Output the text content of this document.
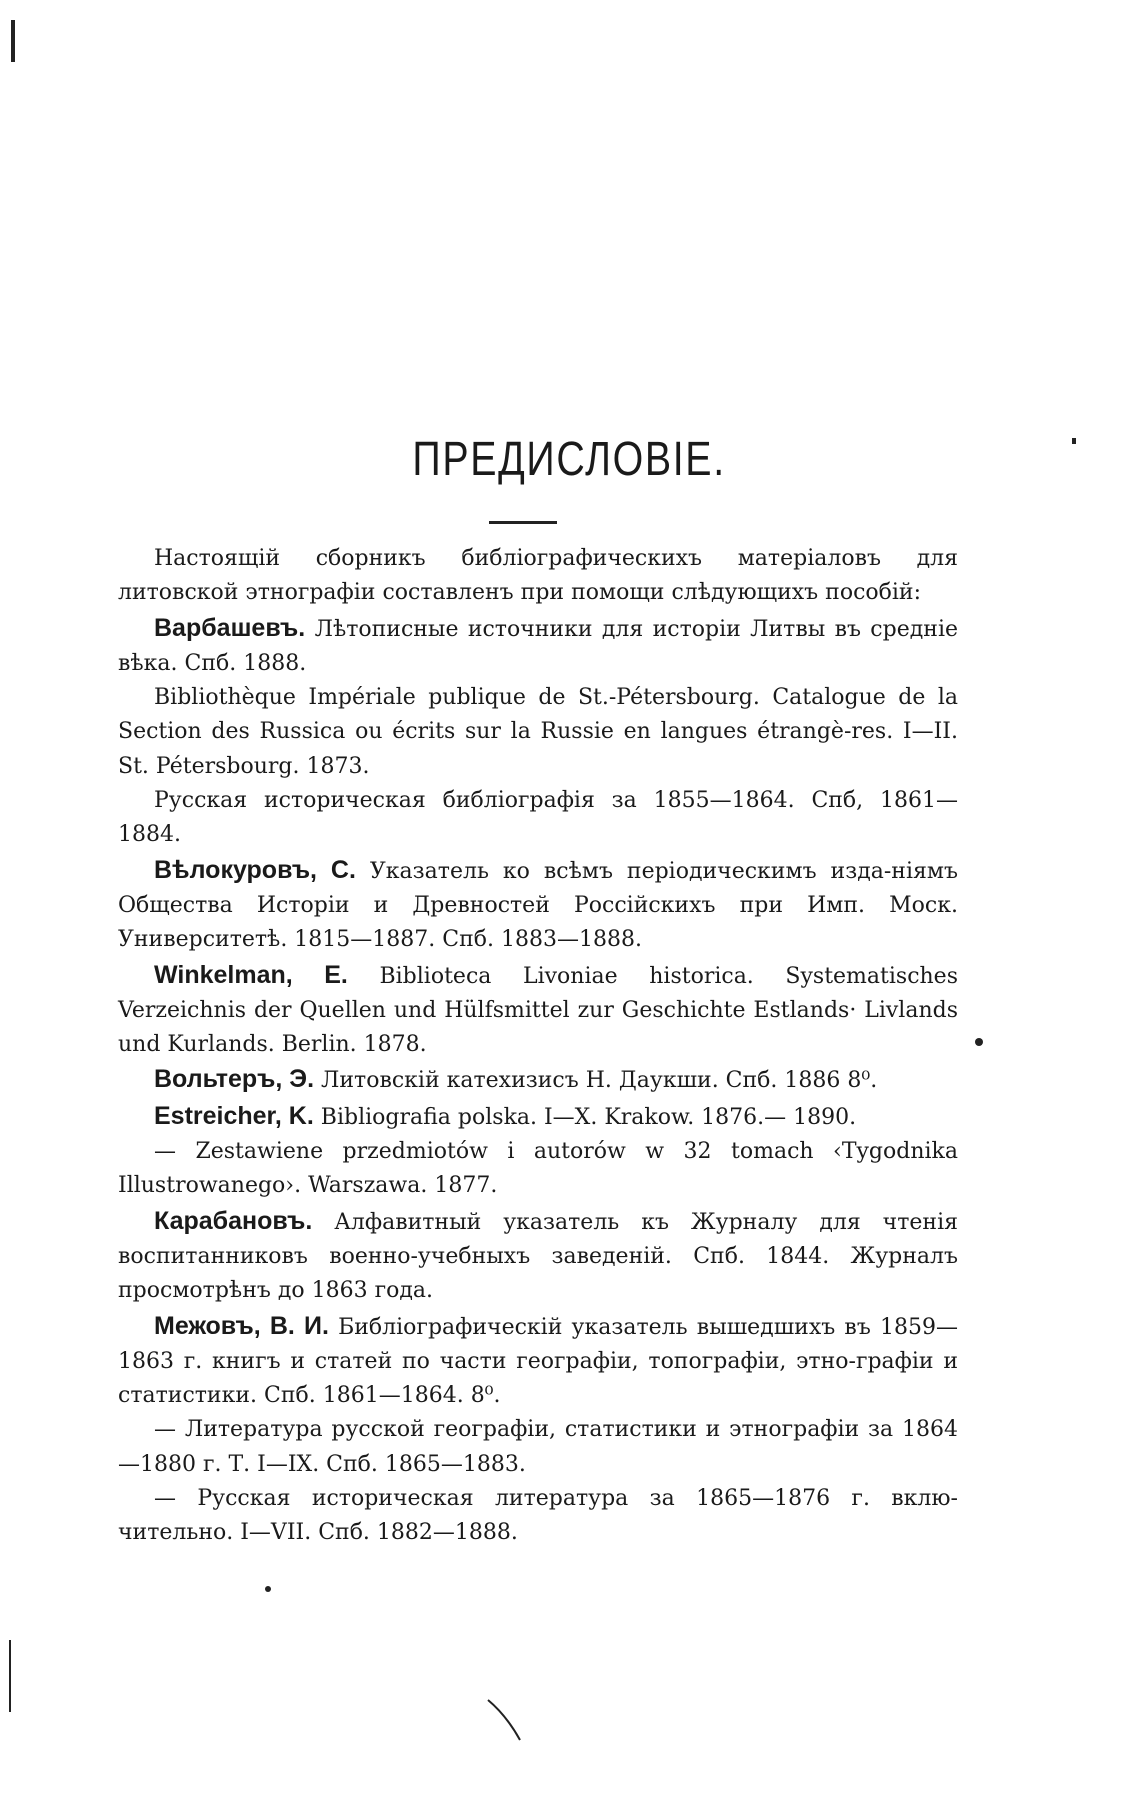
ПРЕДИСЛОВІЕ.

Настоящій сборникъ библіографическихъ матеріаловъ для литовской этнографіи составленъ при помощи слѣдующихъ пособій:

Варбашевъ. Лѣтописные источники для исторіи Литвы въ средніе вѣка. Спб. 1888.

Bibliothèque Impériale publique de St.-Pétersbourg. Catalogue de la Section des Russica ou écrits sur la Russie en langues étrangè-res. I—II. St. Pétersbourg. 1873.

Русская историческая библіографія за 1855—1864. Спб, 1861—1884.

Вѣлокуровъ, С. Указатель ко всѣмъ періодическимъ изда-ніямъ Общества Исторіи и Древностей Россійскихъ при Имп. Моск. Университетѣ. 1815—1887. Спб. 1883—1888.

Winkelman, E. Bibliotеca Livoniae historica. Systematisches Verzeichnis der Quellen und Hülfsmittel zur Geschichte Estlands· Livlands und Kurlands. Berlin. 1878.

Вольтеръ, Э. Литовскій катехизисъ Н. Даукши. Спб. 1886 8⁰.

Estreicher, K. Bibliografia polska. I—X. Krakow. 1876.— 1890.

— Zestawiene przedmiotów i autorów w 32 tomach ‹Tygodnika Illustrowanego›. Warszawa. 1877.

Карабановъ. Алфавитный указатель къ Журналу для чтенія воспитанниковъ военно-учебныхъ заведеній. Спб. 1844. Журналъ просмотрѣнъ до 1863 года.

Межовъ, В. И. Библіографическій указатель вышедшихъ въ 1859—1863 г. книгъ и статей по части географіи, топографіи, этно-графіи и статистики. Спб. 1861—1864. 8⁰.

— Литература русской географіи, статистики и этнографіи за 1864—1880 г. Т. I—IX. Спб. 1865—1883.

— Русская историческая литература за 1865—1876 г. вклю-чительно. I—VII. Спб. 1882—1888.
